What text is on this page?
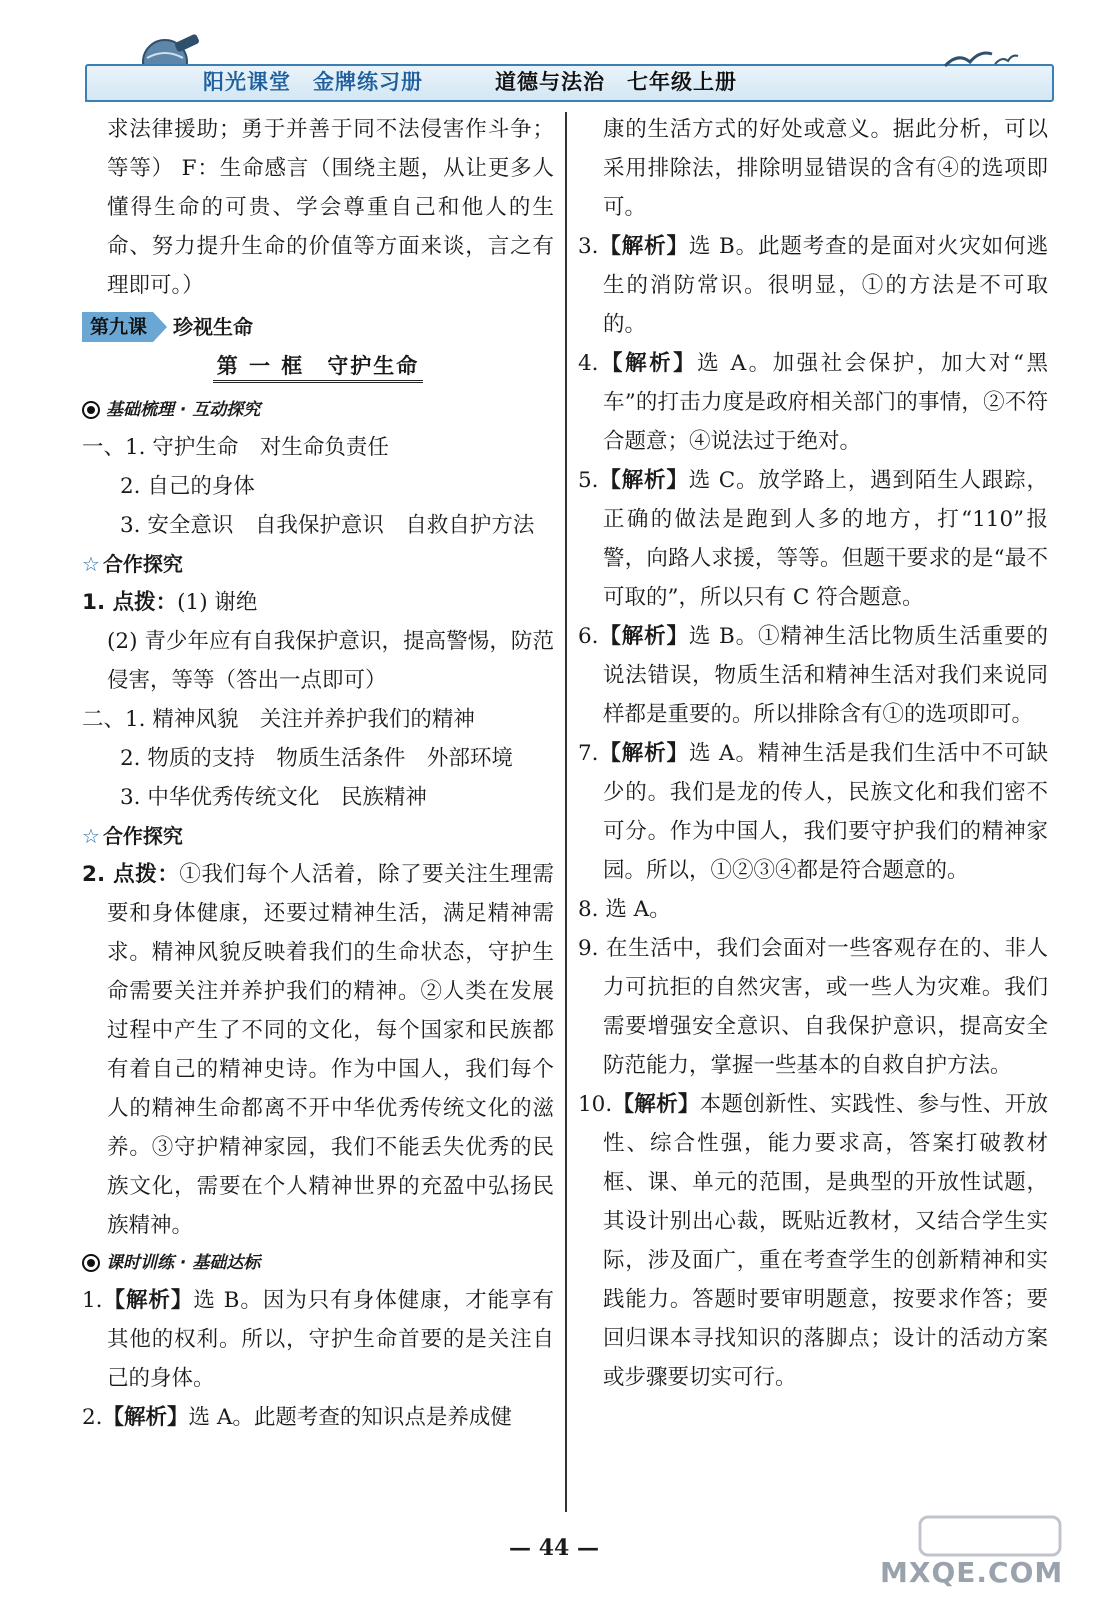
阳光课堂　金牌练习册	道德与法治　七年级上册

求法律援助；勇于并善于同不法侵害作斗争；等等） F：生命感言（围绕主题，从让更多人懂得生命的可贵、学会尊重自己和他人的生命、努力提升生命的价值等方面来谈，言之有理即可。）

第九课	珍视生命
第 一 框　守护生命
基础梳理 · 互动探究

一、1. 守护生命　对生命负责任

2. 自己的身体

3. 安全意识　自我保护意识　自救自护方法

☆ 合作探究

1. 点拨：(1) 谢绝

(2) 青少年应有自我保护意识，提高警惕，防范侵害，等等（答出一点即可）

二、1. 精神风貌　关注并养护我们的精神

2. 物质的支持　物质生活条件　外部环境

3. 中华优秀传统文化　民族精神

☆ 合作探究

2. 点拨：①我们每个人活着，除了要关注生理需要和身体健康，还要过精神生活，满足精神需求。精神风貌反映着我们的生命状态，守护生命需要关注并养护我们的精神。②人类在发展过程中产生了不同的文化，每个国家和民族都有着自己的精神史诗。作为中国人，我们每个人的精神生命都离不开中华优秀传统文化的滋养。③守护精神家园，我们不能丢失优秀的民族文化，需要在个人精神世界的充盈中弘扬民族精神。

课时训练 · 基础达标

1.【解析】选 B。因为只有身体健康，才能享有其他的权利。所以，守护生命首要的是关注自己的身体。

2.【解析】选 A。此题考查的知识点是养成健

康的生活方式的好处或意义。据此分析，可以采用排除法，排除明显错误的含有④的选项即可。

3.【解析】选 B。此题考查的是面对火灾如何逃生的消防常识。很明显，①的方法是不可取的。

4.【解析】选 A。加强社会保护，加大对“黑车”的打击力度是政府相关部门的事情，②不符合题意；④说法过于绝对。

5.【解析】选 C。放学路上，遇到陌生人跟踪，正确的做法是跑到人多的地方，打“110”报警，向路人求援，等等。但题干要求的是“最不可取的”，所以只有 C 符合题意。

6.【解析】选 B。①精神生活比物质生活重要的说法错误，物质生活和精神生活对我们来说同样都是重要的。所以排除含有①的选项即可。

7.【解析】选 A。精神生活是我们生活中不可缺少的。我们是龙的传人，民族文化和我们密不可分。作为中国人，我们要守护我们的精神家园。所以，①②③④都是符合题意的。

8. 选 A。

9. 在生活中，我们会面对一些客观存在的、非人力可抗拒的自然灾害，或一些人为灾难。我们需要增强安全意识、自我保护意识，提高安全防范能力，掌握一些基本的自救自护方法。

10.【解析】本题创新性、实践性、参与性、开放性、综合性强，能力要求高，答案打破教材框、课、单元的范围，是典型的开放性试题，其设计别出心裁，既贴近教材，又结合学生实际，涉及面广，重在考查学生的创新精神和实践能力。答题时要审明题意，按要求作答；要回归课本寻找知识的落脚点；设计的活动方案或步骤要切实可行。

— 44 —
MXQE.COM
